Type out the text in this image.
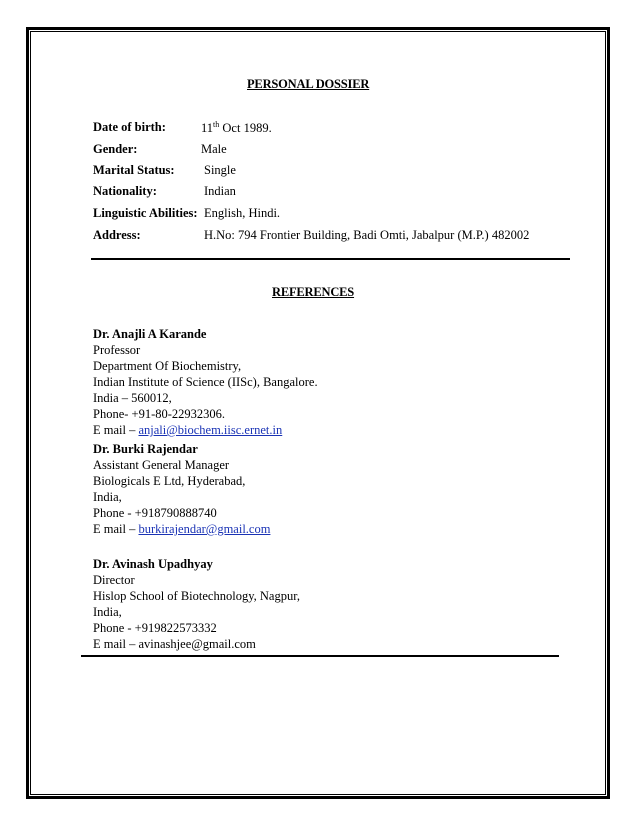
PERSONAL DOSSIER
Date of birth:	11th Oct 1989.
Gender:	Male
Marital Status: Single
Nationality:	Indian
Linguistic Abilities: English, Hindi.
Address:	H.No: 794 Frontier Building, Badi Omti, Jabalpur (M.P.) 482002
REFERENCES
Dr. Anajli A Karande
Professor
Department Of Biochemistry,
Indian Institute of Science (IISc), Bangalore.
India – 560012,
Phone- +91-80-22932306.
E mail – anjali@biochem.iisc.ernet.in
Dr. Burki Rajendar
Assistant General Manager
Biologicals E Ltd, Hyderabad,
India,
Phone - +918790888740
E mail – burkirajendar@gmail.com
Dr. Avinash Upadhyay
Director
Hislop School of Biotechnology, Nagpur,
India,
Phone - +919822573332
E mail – avinashjee@gmail.com
